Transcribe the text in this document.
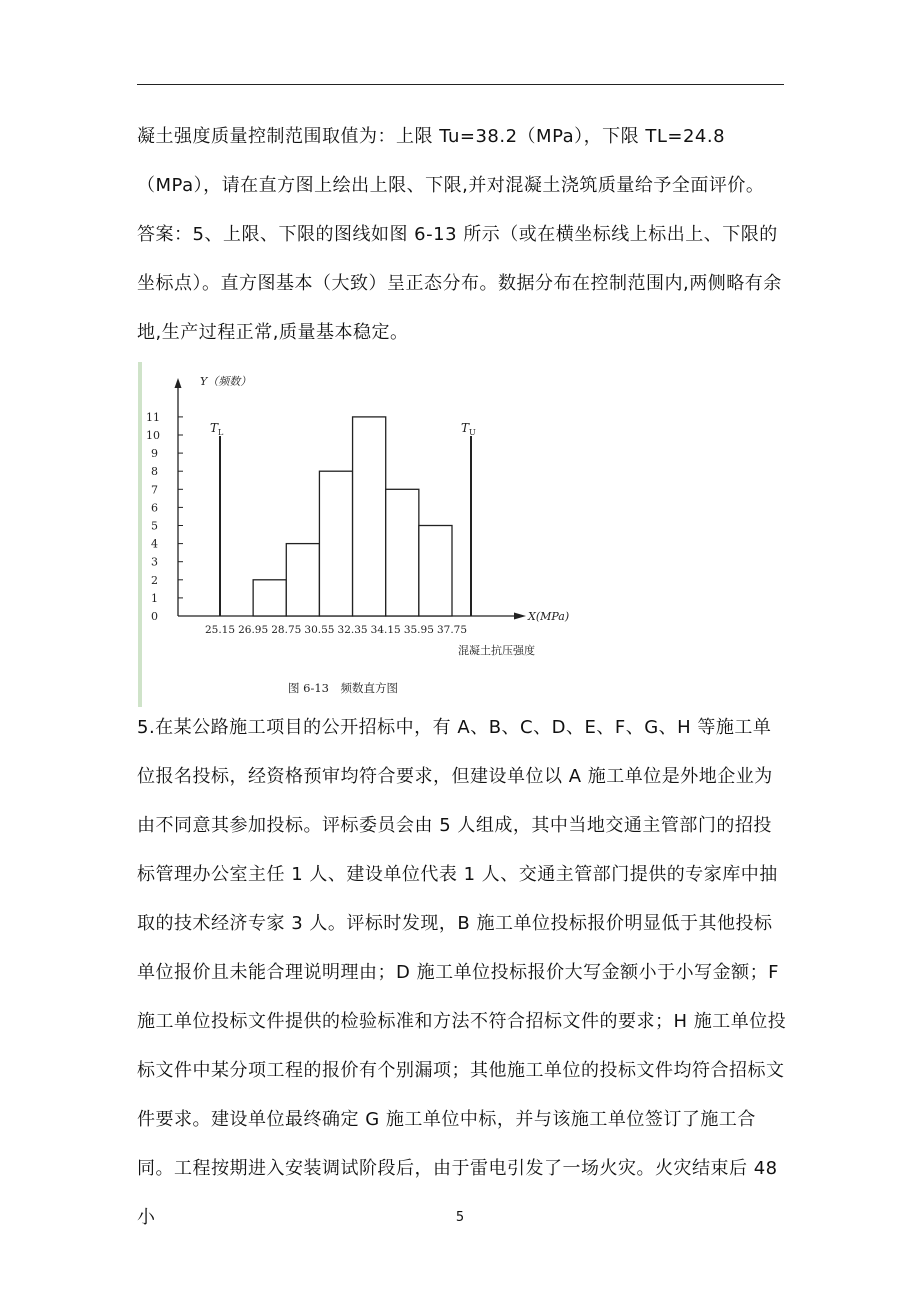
凝土强度质量控制范围取值为：上限 Tu=38.2（MPa），下限 TL=24.8（MPa），请在直方图上绘出上限、下限,并对混凝土浇筑质量给予全面评价。

答案：5、上限、下限的图线如图 6-13 所示（或在横坐标线上标出上、下限的坐标点）。直方图基本（大致）呈正态分布。数据分布在控制范围内,两侧略有余地,生产过程正常,质量基本稳定。

0
1
2
3
4
5
6
7
8
9
10
11
Y（频数）
$T_L$	$T_U$
25.15 26.95 28.75 30.55 32.35 34.15 35.95 37.75
X(MPa)
混凝土抗压强度
图 6-13　频数直方图

5.在某公路施工项目的公开招标中，有 A、B、C、D、E、F、G、H 等施工单位报名投标，经资格预审均符合要求，但建设单位以 A 施工单位是外地企业为由不同意其参加投标。评标委员会由 5 人组成，其中当地交通主管部门的招投标管理办公室主任 1 人、建设单位代表 1 人、交通主管部门提供的专家库中抽取的技术经济专家 3 人。评标时发现，B 施工单位投标报价明显低于其他投标单位报价且未能合理说明理由；D 施工单位投标报价大写金额小于小写金额；F 施工单位投标文件提供的检验标准和方法不符合招标文件的要求；H 施工单位投标文件中某分项工程的报价有个别漏项；其他施工单位的投标文件均符合招标文件要求。建设单位最终确定 G 施工单位中标，并与该施工单位签订了施工合同。工程按期进入安装调试阶段后，由于雷电引发了一场火灾。火灾结束后 48 小	5
